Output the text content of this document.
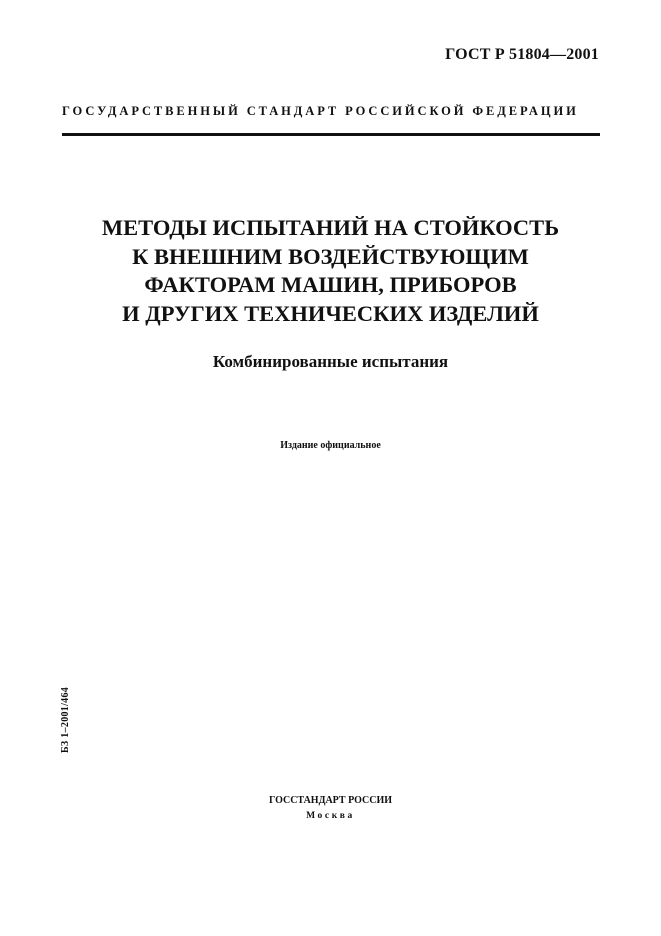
ГОСТ Р 51804—2001
ГОСУДАРСТВЕННЫЙ СТАНДАРТ РОССИЙСКОЙ ФЕДЕРАЦИИ
МЕТОДЫ ИСПЫТАНИЙ НА СТОЙКОСТЬ
К ВНЕШНИМ ВОЗДЕЙСТВУЮЩИМ
ФАКТОРАМ МАШИН, ПРИБОРОВ
И ДРУГИХ ТЕХНИЧЕСКИХ ИЗДЕЛИЙ
Комбинированные испытания
Издание официальное
БЗ 1–2001/464
ГОССТАНДАРТ РОССИИ
Москва
